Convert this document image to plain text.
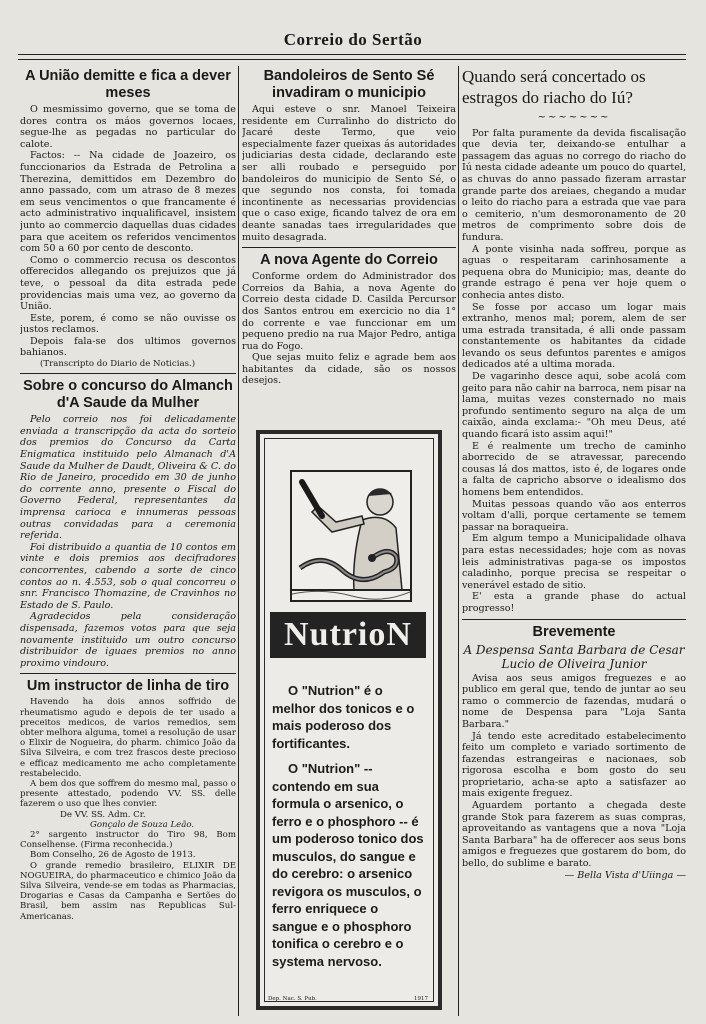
Correio do Sertão
A União demitte e fica a dever meses

O mesmissimo governo, que se toma de dores contra os máos governos locaes, segue-lhe as pegadas no particular do calote.

Factos: -- Na cidade de Joazeiro, os funccionarios da Estrada de Petrolina a Therezina, demittidos em Dezembro do anno passado, com um atraso de 8 mezes em seus vencimentos o que francamente é acto administrativo inqualificavel, insistem junto ao commercio daquellas duas cidades para que aceitem os referidos vencimentos com 50 a 60 por cento de desconto.

Como o commercio recusa os descontos offerecidos allegando os prejuizos que já teve, o pessoal da dita estrada pede providencias mais uma vez, ao governo da União.

Este, porem, é como se não ouvisse os justos reclamos.

Depois fala-se dos ultimos governos bahianos.

(Transcripto do Diario de Noticias.)

Sobre o concurso do Almanch d'A Saude da Mulher

Pelo correio nos foi delicadamente enviada a transcripção da acta do sorteio dos premios do Concurso da Carta Enigmatica instituido pelo Almanach d'A Saude da Mulher de Daudt, Oliveira & C. do Rio de Janeiro, procedido em 30 de junho do corrente anno, presente o Fiscal do Governo Federal, representantes da imprensa carioca e innumeras pessoas outras convidadas para a ceremonia referida.

Foi distribuido a quantia de 10 contos em vinte e dois premios aos decifradores concorrentes, cabendo a sorte de cinco contos ao n. 4.553, sob o qual concorreu o snr. Francisco Thomazine, de Cravinhos no Estado de S. Paulo.

Agradecidos pela consideração dispensada, fazemos votos para que seja novamente instituido um outro concurso distribuidor de iguaes premios no anno proximo vindouro.

Um instructor de linha de tiro

Havendo ha dois annos soffrido de rheumatismo agudo e depois de ter usado a preceitos medicos, de varios remedios, sem obter melhora alguma, tomei a resolução de usar o Elixir de Nogueira, do pharm. chimico João da Silva Silveira, e com trez frascos deste precioso e efficaz medicamento me acho completamente restabelecido.

A bem dos que soffrem do mesmo mal, passo o presente attestado, podendo VV. SS. delle fazerem o uso que lhes convier.

De VV. SS. Adm. Cr.

Gonçalo de Souza Leão.

2° sargento instructor do Tiro 98, Bom Conselhense. (Firma reconhecida.)

Bom Conselho, 26 de Agosto de 1913.

O grande remedio brasileiro, ELIXIR DE NOGUEIRA, do pharmaceutico e chimico João da Silva Silveira, vende-se em todas as Pharmacias, Drogarias e Casas da Campanha e Sertões do Brasil, bem assim nas Republicas Sul-Americanas.

Bandoleiros de Sento Sé invadiram o municipio

Aqui esteve o snr. Manoel Teixeira residente em Curralinho do districto do Jacaré deste Termo, que veio especialmente fazer queixas ás autoridades judiciarias desta cidade, declarando este ser alli roubado e perseguido por bandoleiros do municipio de Sento Sé, o que segundo nos consta, foi tomada incontinente as necessarias providencias que o caso exige, ficando talvez de ora em deante sanadas taes irregularidades que muito desagrada.

A nova Agente do Correio

Conforme ordem do Administrador dos Correios da Bahia, a nova Agente do Correio desta cidade D. Casilda Percursor dos Santos entrou em exercicio no dia 1° do corrente e vae funccionar em um pequeno predio na rua Major Pedro, antiga rua do Fogo.

Que sejas muito feliz e agrade bem aos habitantes da cidade, são os nossos desejos.

NutrioN

O "Nutrion" é o melhor dos tonicos e o mais poderoso dos fortificantes.

O "Nutrion" -- contendo em sua formula o arsenico, o ferro e o phosphoro -- é um poderoso tonico dos musculos, do sangue e do cerebro: o arsenico revigora os musculos, o ferro enriquece o sangue e o phosphoro tonifica o cerebro e o systema nervoso.

Dep. Nac. S. Pub.	1917
Quando será concertado os estragos do riacho do Iú?
~~~~~~~

Por falta puramente da devida fiscalisação que devia ter, deixando-se entulhar a passagem das aguas no corrego do riacho do Iú nesta cidade adeante um pouco do quartel, as chuvas do anno passado fizeram arrastar grande parte dos areiaes, chegando a mudar o leito do riacho para a estrada que vae para o cemiterio, n'um desmoronamento de 20 metros de comprimento sobre dois de fundura.

A ponte visinha nada soffreu, porque as aguas o respeitaram carinhosamente a pequena obra do Municipio; mas, deante do grande estrago é pena ver hoje quem o conhecia antes disto.

Se fosse por accaso um logar mais extranho, menos mal; porem, alem de ser uma estrada transitada, é alli onde passam constantemente os habitantes da cidade levando os seus defuntos parentes e amigos dedicados até a ultima morada.

De vagarinho desce aqui, sobe acolá com geito para não cahir na barroca, nem pisar na lama, muitas vezes consternado no mais profundo sentimento seguro na alça de um caixão, ainda exclama:- "Oh meu Deus, até quando ficará isto assim aqui!"

E é realmente um trecho de caminho aborrecido de se atravessar, parecendo cousas lá dos mattos, isto é, de logares onde a falta de capricho absorve o idealismo dos homens bem entendidos.

Muitas pessoas quando vão aos enterros voltam d'alli, porque certamente se temem passar na boraqueira.

Em algum tempo a Municipalidade olhava para estas necessidades; hoje com as novas leis administrativas paga-se os impostos caladinho, porque precisa se respeitar o venerável estado de sitio.

E' esta a grande phase do actual progresso!

Brevemente
A Despensa Santa Barbara de Cesar Lucio de Oliveira Junior

Avisa aos seus amigos freguezes e ao publico em geral que, tendo de juntar ao seu ramo o commercio de fazendas, mudará o nome de Despensa para "Loja Santa Barbara."

Já tendo este acreditado estabelecimento feito um completo e variado sortimento de fazendas estrangeiras e nacionaes, sob rigorosa escolha e bom gosto do seu proprietario, acha-se apto a satisfazer ao mais exigente freguez.

Aguardem portanto a chegada deste grande Stok para fazerem as suas compras, aproveitando as vantagens que a nova "Loja Santa Barbara" ha de offerecer aos seus bons amigos e freguezes que gostarem do bom, do bello, do sublime e barato.

— Bella Vista d'Uiinga —
